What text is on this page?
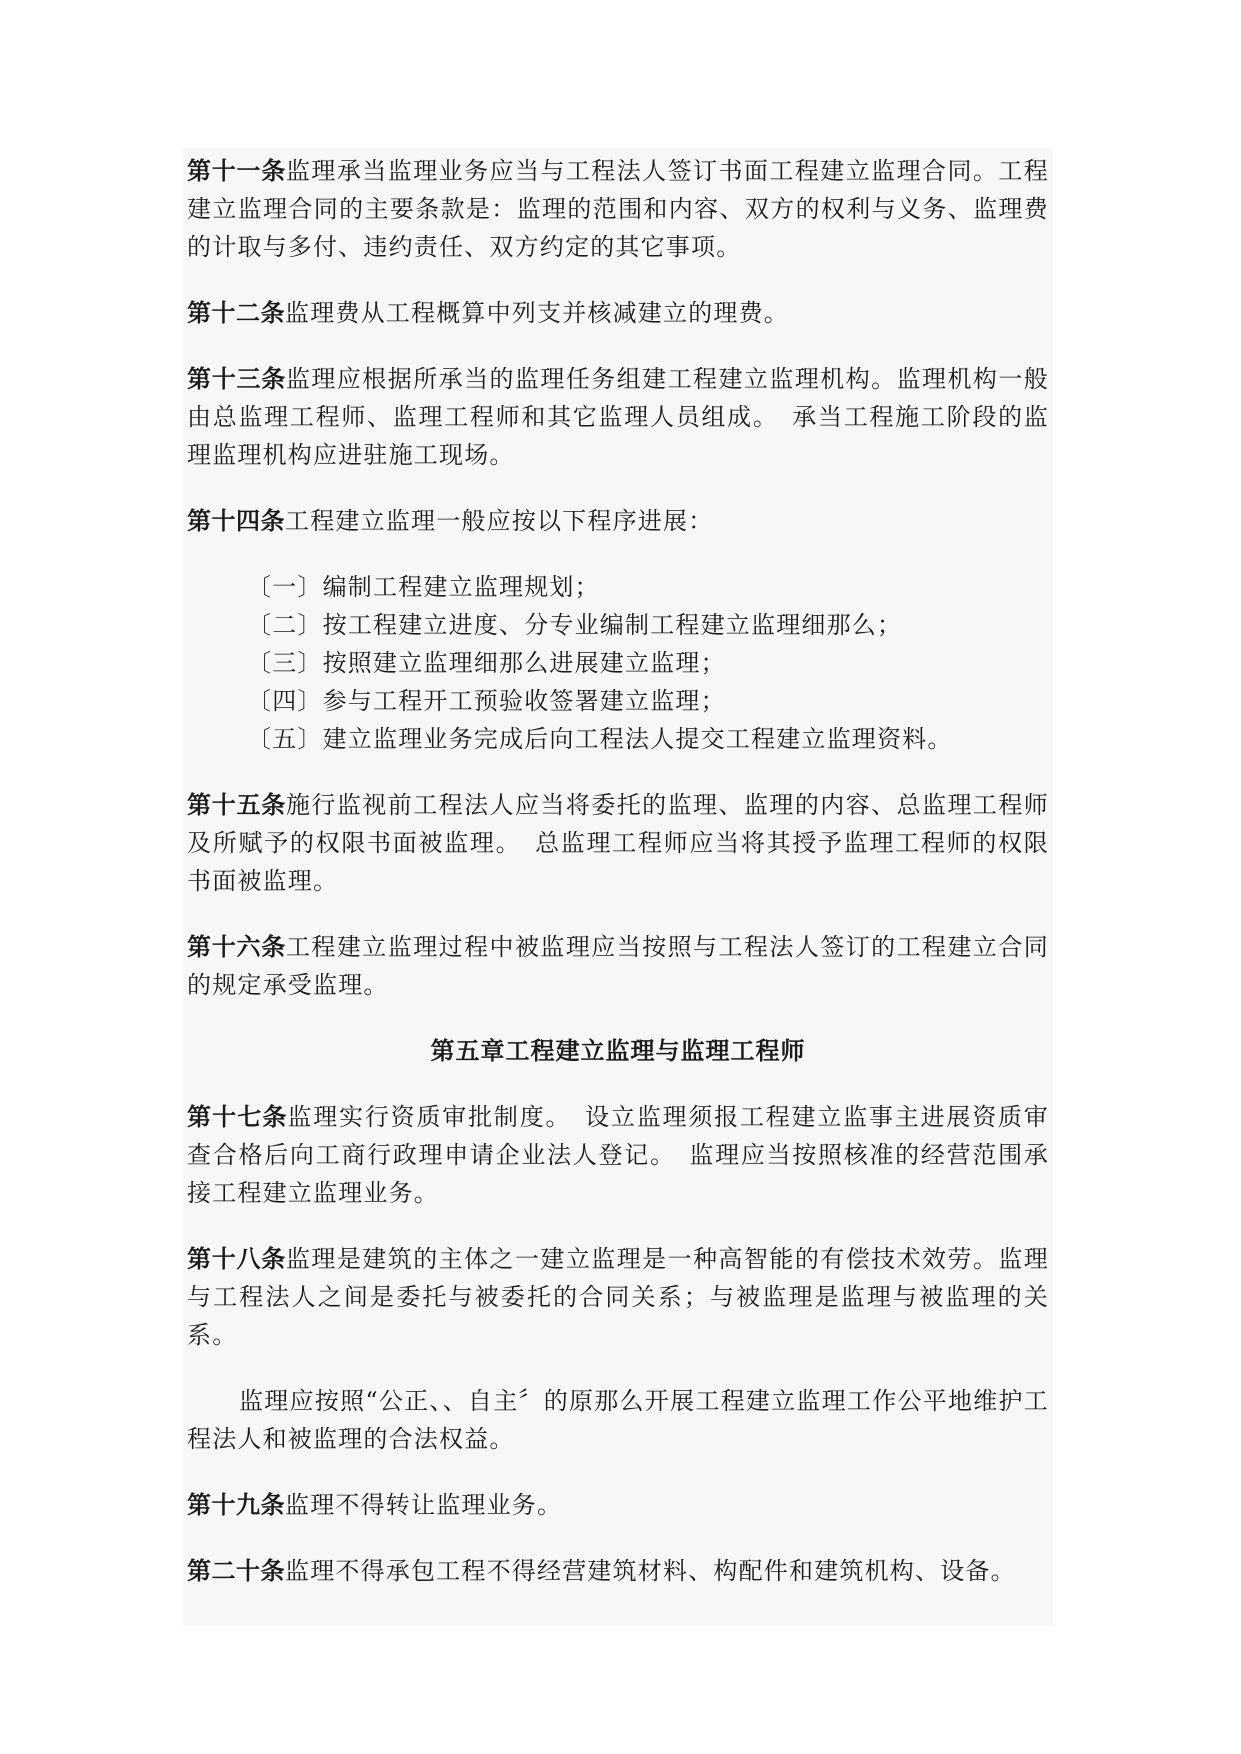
第十一条监理承当监理业务应当与工程法人签订书面工程建立监理合同。工程建立监理合同的主要条款是：监理的范围和内容、双方的权利与义务、监理费的计取与多付、违约责任、双方约定的其它事项。

第十二条监理费从工程概算中列支并核减建立的理费。

第十三条监理应根据所承当的监理任务组建工程建立监理机构。监理机构一般由总监理工程师、监理工程师和其它监理人员组成。　承当工程施工阶段的监理监理机构应进驻施工现场。

第十四条工程建立监理一般应按以下程序进展：

〔一〕编制工程建立监理规划；
〔二〕按工程建立进度、分专业编制工程建立监理细那么；
〔三〕按照建立监理细那么进展建立监理；
〔四〕参与工程开工预验收签署建立监理；
〔五〕建立监理业务完成后向工程法人提交工程建立监理资料。

第十五条施行监视前工程法人应当将委托的监理、监理的内容、总监理工程师及所赋予的权限书面被监理。　总监理工程师应当将其授予监理工程师的权限书面被监理。

第十六条工程建立监理过程中被监理应当按照与工程法人签订的工程建立合同的规定承受监理。

第五章工程建立监理与监理工程师

第十七条监理实行资质审批制度。　设立监理须报工程建立监事主进展资质审查合格后向工商行政理申请企业法人登记。　监理应当按照核准的经营范围承接工程建立监理业务。

第十八条监理是建筑的主体之一建立监理是一种高智能的有偿技术效劳。监理与工程法人之间是委托与被委托的合同关系；与被监理是监理与被监理的关系。

监理应按照“公正、、自主〞的原那么开展工程建立监理工作公平地维护工程法人和被监理的合法权益。

第十九条监理不得转让监理业务。

第二十条监理不得承包工程不得经营建筑材料、构配件和建筑机构、设备。
